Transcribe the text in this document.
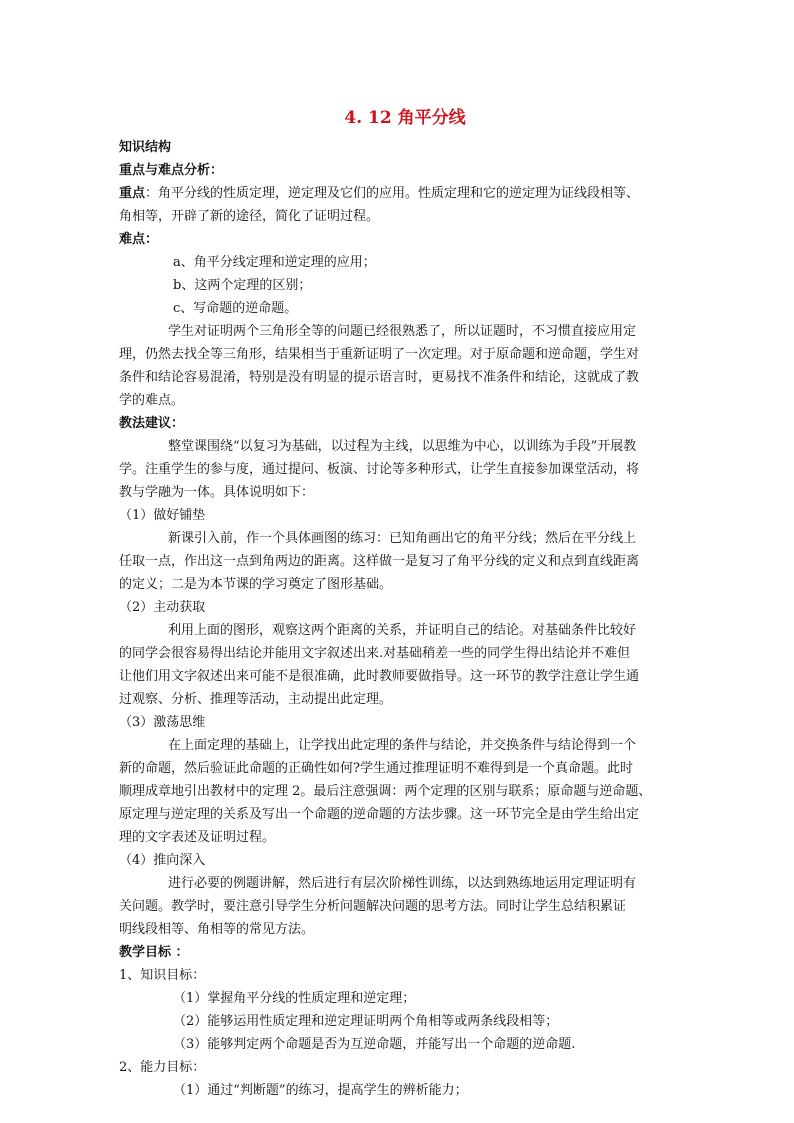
4. 12 角平分线
知识结构
重点与难点分析：
重点：角平分线的性质定理，逆定理及它们的应用。性质定理和它的逆定理为证线段相等、
角相等，开辟了新的途径，简化了证明过程。
难点：
a、角平分线定理和逆定理的应用；
b、这两个定理的区别；
c、写命题的逆命题。
学生对证明两个三角形全等的问题已经很熟悉了，所以证题时，不习惯直接应用定
理，仍然去找全等三角形，结果相当于重新证明了一次定理。对于原命题和逆命题，学生对
条件和结论容易混淆，特别是没有明显的提示语言时，更易找不准条件和结论，这就成了教
学的难点。
教法建议：
整堂课围绕“以复习为基础，以过程为主线，以思维为中心，以训练为手段”开展教
学。注重学生的参与度，通过提问、板演、讨论等多种形式，让学生直接参加课堂活动，将
教与学融为一体。具体说明如下：
（1）做好铺垫
新课引入前，作一个具体画图的练习：已知角画出它的角平分线；然后在平分线上
任取一点，作出这一点到角两边的距离。这样做一是复习了角平分线的定义和点到直线距离
的定义；二是为本节课的学习奠定了图形基础。
（2）主动获取
利用上面的图形，观察这两个距离的关系，并证明自己的结论。对基础条件比较好
的同学会很容易得出结论并能用文字叙述出来.对基础稍差一些的同学生得出结论并不难但
让他们用文字叙述出来可能不是很准确，此时教师要做指导。这一环节的教学注意让学生通
过观察、分析、推理等活动，主动提出此定理。
（3）激荡思维
在上面定理的基础上，让学找出此定理的条件与结论，并交换条件与结论得到一个
新的命题，然后验证此命题的正确性如何?学生通过推理证明不难得到是一个真命题。此时
顺理成章地引出教材中的定理 2。最后注意强调：两个定理的区别与联系；原命题与逆命题、
原定理与逆定理的关系及写出一个命题的逆命题的方法步骤。这一环节完全是由学生给出定
理的文字表述及证明过程。
（4）推向深入
进行必要的例题讲解，然后进行有层次阶梯性训练，以达到熟练地运用定理证明有
关问题。教学时，要注意引导学生分析问题解决问题的思考方法。同时让学生总结积累证
明线段相等、角相等的常见方法。
教学目标 ：
1、知识目标：
（1）掌握角平分线的性质定理和逆定理；
（2）能够运用性质定理和逆定理证明两个角相等或两条线段相等；
（3）能够判定两个命题是否为互逆命题，并能写出一个命题的逆命题.
2、能力目标：
（1）通过“判断题”的练习，提高学生的辨析能力；
